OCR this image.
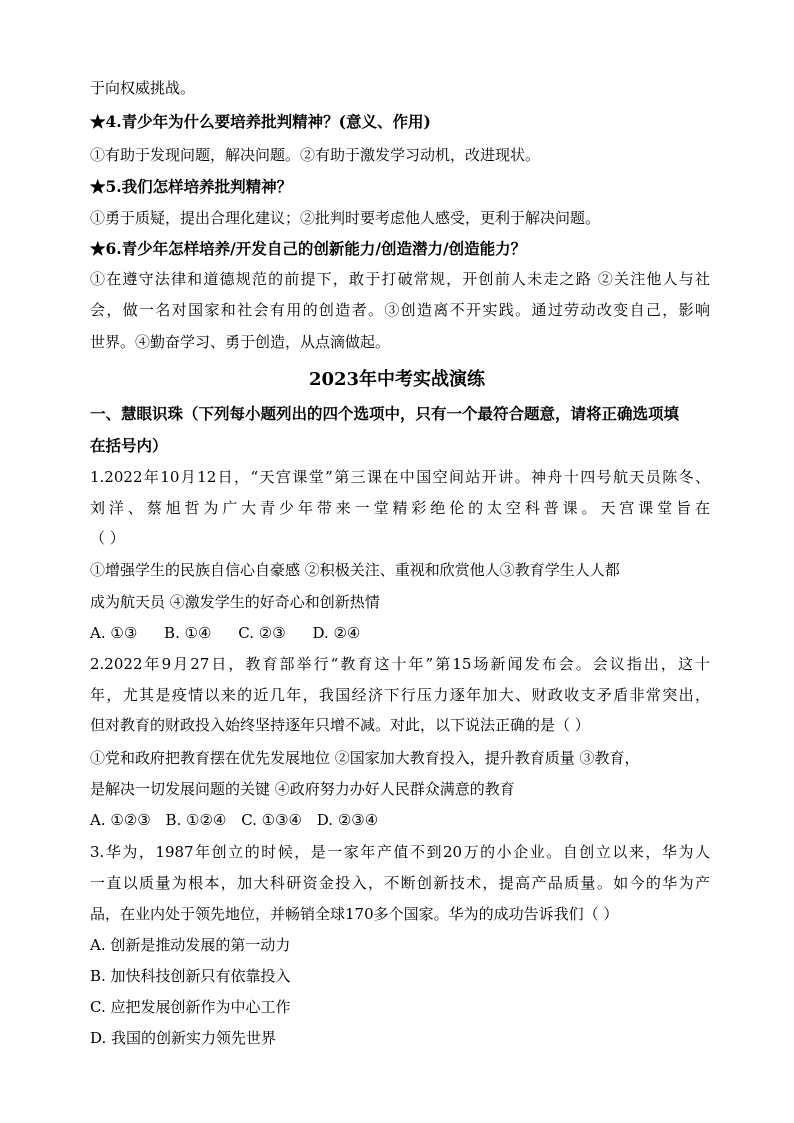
于向权威挑战。
★4.青少年为什么要培养批判精神？(意义、作用)
①有助于发现问题，解决问题。②有助于激发学习动机，改进现状。
★5.我们怎样培养批判精神？
①勇于质疑，提出合理化建议；②批判时要考虑他人感受，更利于解决问题。
★6.青少年怎样培养/开发自己的创新能力/创造潜力/创造能力？
①在遵守法律和道德规范的前提下，敢于打破常规，开创前人未走之路 ②关注他人与社
会，做一名对国家和社会有用的创造者。③创造离不开实践。通过劳动改变自己，影响
世界。④勤奋学习、勇于创造，从点滴做起。
2023年中考实战演练
一、慧眼识珠（下列每小题列出的四个选项中，只有一个最符合题意，请将正确选项填
在括号内）
1.2022年10月12日，“天宫课堂”第三课在中国空间站开讲。神舟十四号航天员陈冬、
刘洋、蔡旭哲为广大青少年带来一堂精彩绝伦的太空科普课。天宫课堂旨在
（ ）
①增强学生的民族自信心自豪感 ②积极关注、重视和欣赏他人③教育学生人人都
成为航天员 ④激发学生的好奇心和创新热情
A. ①③ B. ①④ C. ②③ D. ②④
2.2022年9月27日，教育部举行“教育这十年”第15场新闻发布会。会议指出，这十
年，尤其是疫情以来的近几年，我国经济下行压力逐年加大、财政收支矛盾非常突出，
但对教育的财政投入始终坚持逐年只增不减。对此，以下说法正确的是（ ）
①党和政府把教育摆在优先发展地位 ②国家加大教育投入，提升教育质量 ③教育，
是解决一切发展问题的关键 ④政府努力办好人民群众满意的教育
A. ①②③ B. ①②④ C. ①③④ D. ②③④
3.华为，1987年创立的时候，是一家年产值不到20万的小企业。自创立以来，华为人
一直以质量为根本，加大科研资金投入，不断创新技术，提高产品质量。如今的华为产
品，在业内处于领先地位，并畅销全球170多个国家。华为的成功告诉我们（ ）
A. 创新是推动发展的第一动力
B. 加快科技创新只有依靠投入
C. 应把发展创新作为中心工作
D. 我国的创新实力领先世界
